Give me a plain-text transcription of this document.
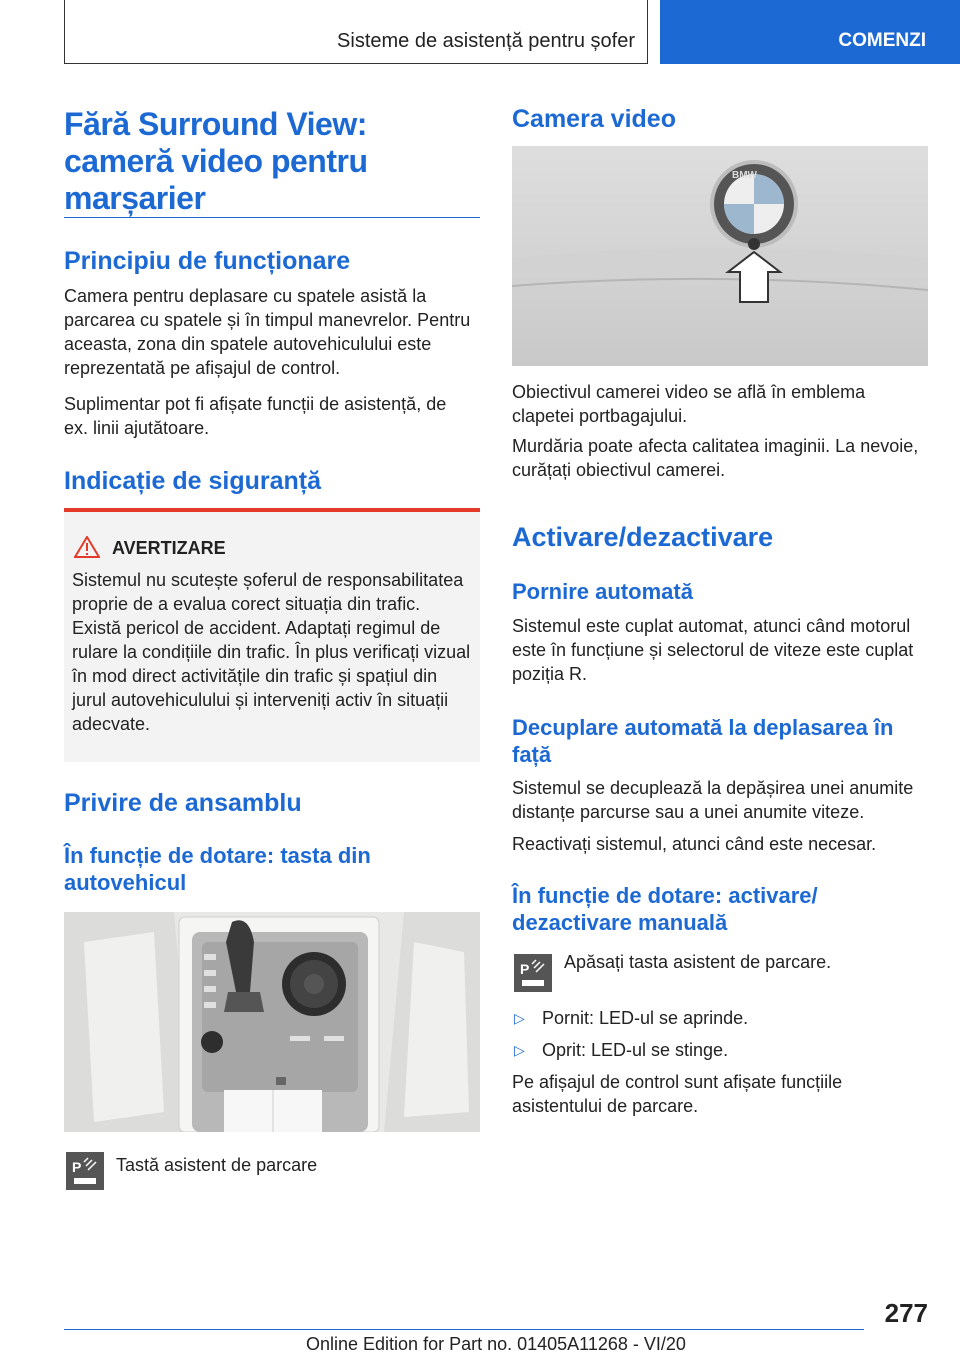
Sisteme de asistență pentru șofer	COMENZI
Fără Surround View: cameră video pentru marșarier
Principiu de funcționare

Camera pentru deplasare cu spatele asistă la parcarea cu spatele și în timpul manevrelor. Pentru aceasta, zona din spatele autovehiculului este reprezentată pe afișajul de control.

Suplimentar pot fi afișate funcții de asistență, de ex. linii ajutătoare.

Indicație de siguranță
AVERTIZARE

Sistemul nu scutește șoferul de responsabilitatea proprie de a evalua corect situația din trafic. Există pericol de accident. Adaptați regimul de rulare la condițiile din trafic. În plus verificați vizual în mod direct activitățile din trafic și spațiul din jurul autovehiculului și interveniți activ în situații adecvate.

Privire de ansamblu
În funcție de dotare: tasta din autovehicul
P Tastă asistent de parcare

Camera video
BMW

Obiectivul camerei video se află în emblema clapetei portbagajului.

Murdăria poate afecta calitatea imaginii. La nevoie, curățați obiectivul camerei.

Activare/dezactivare
Pornire automată

Sistemul este cuplat automat, atunci când motorul este în funcțiune și selectorul de viteze este cuplat poziția R.

Decuplare automată la deplasarea în față

Sistemul se decuplează la depășirea unei anumite distanțe parcurse sau a unei anumite viteze.

Reactivați sistemul, atunci când este necesar.

În funcție de dotare: activare/ dezactivare manuală
P Apăsați tasta asistent de parcare.

▷ Pornit: LED-ul se aprinde.

▷ Oprit: LED-ul se stinge.

Pe afișajul de control sunt afișate funcțiile asistentului de parcare.

277
Online Edition for Part no. 01405A11268 - VI/20
